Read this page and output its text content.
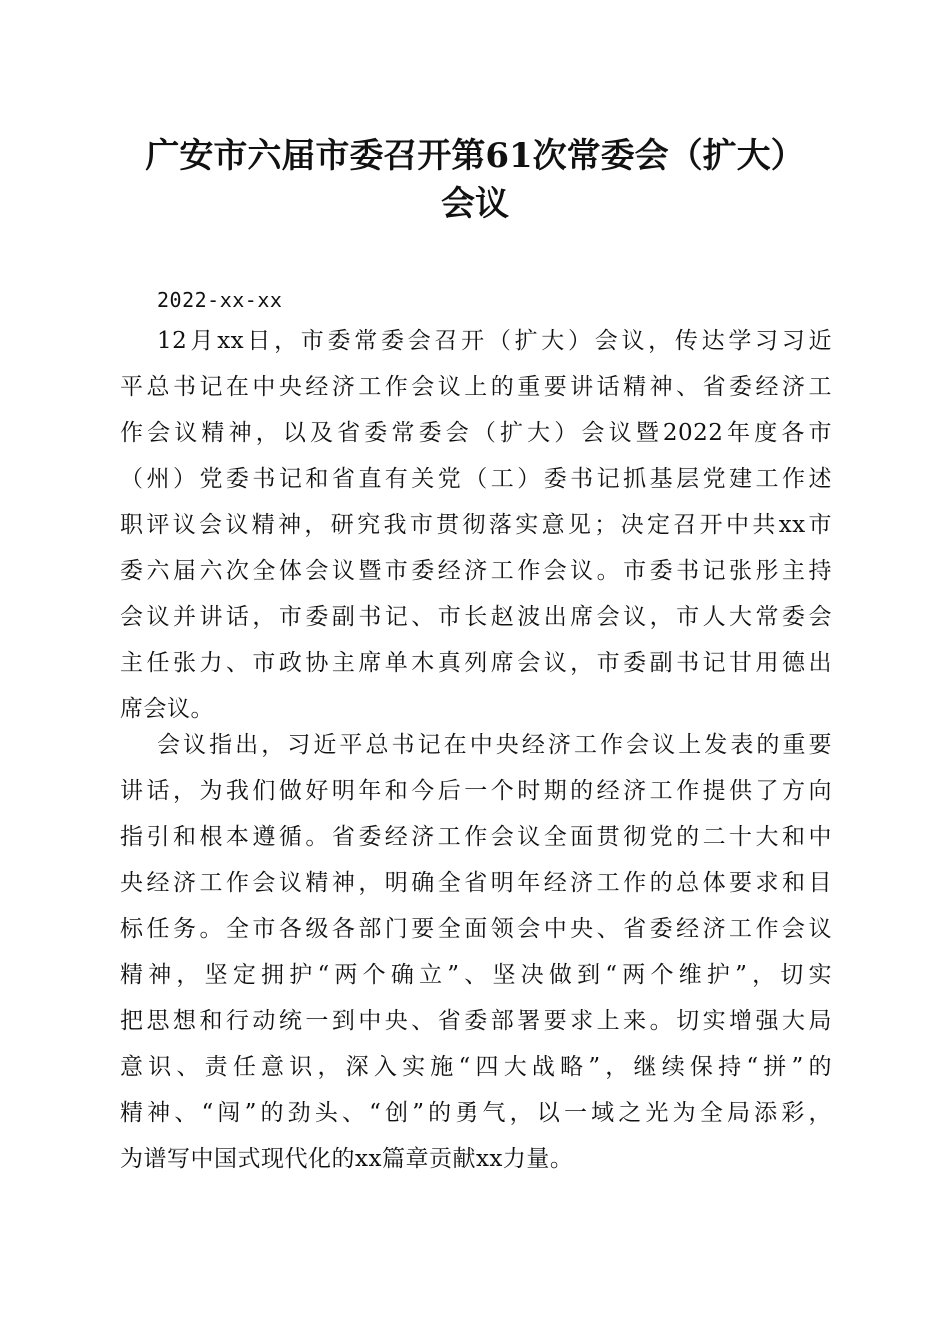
广安市六届市委召开第61次常委会（扩大）
会议
2022-xx-xx
12月xx日，市委常委会召开（扩大）会议，传达学习习近
平总书记在中央经济工作会议上的重要讲话精神、省委经济工
作会议精神，以及省委常委会（扩大）会议暨2022年度各市
（州）党委书记和省直有关党（工）委书记抓基层党建工作述
职评议会议精神，研究我市贯彻落实意见；决定召开中共xx市
委六届六次全体会议暨市委经济工作会议。市委书记张彤主持
会议并讲话，市委副书记、市长赵波出席会议，市人大常委会
主任张力、市政协主席单木真列席会议，市委副书记甘用德出
席会议。
会议指出，习近平总书记在中央经济工作会议上发表的重要
讲话，为我们做好明年和今后一个时期的经济工作提供了方向
指引和根本遵循。省委经济工作会议全面贯彻党的二十大和中
央经济工作会议精神，明确全省明年经济工作的总体要求和目
标任务。全市各级各部门要全面领会中央、省委经济工作会议
精神，坚定拥护“两个确立”、坚决做到“两个维护”，切实
把思想和行动统一到中央、省委部署要求上来。切实增强大局
意识、责任意识，深入实施“四大战略”，继续保持“拼”的
精神、“闯”的劲头、“创”的勇气，以一域之光为全局添彩，
为谱写中国式现代化的xx篇章贡献xx力量。
